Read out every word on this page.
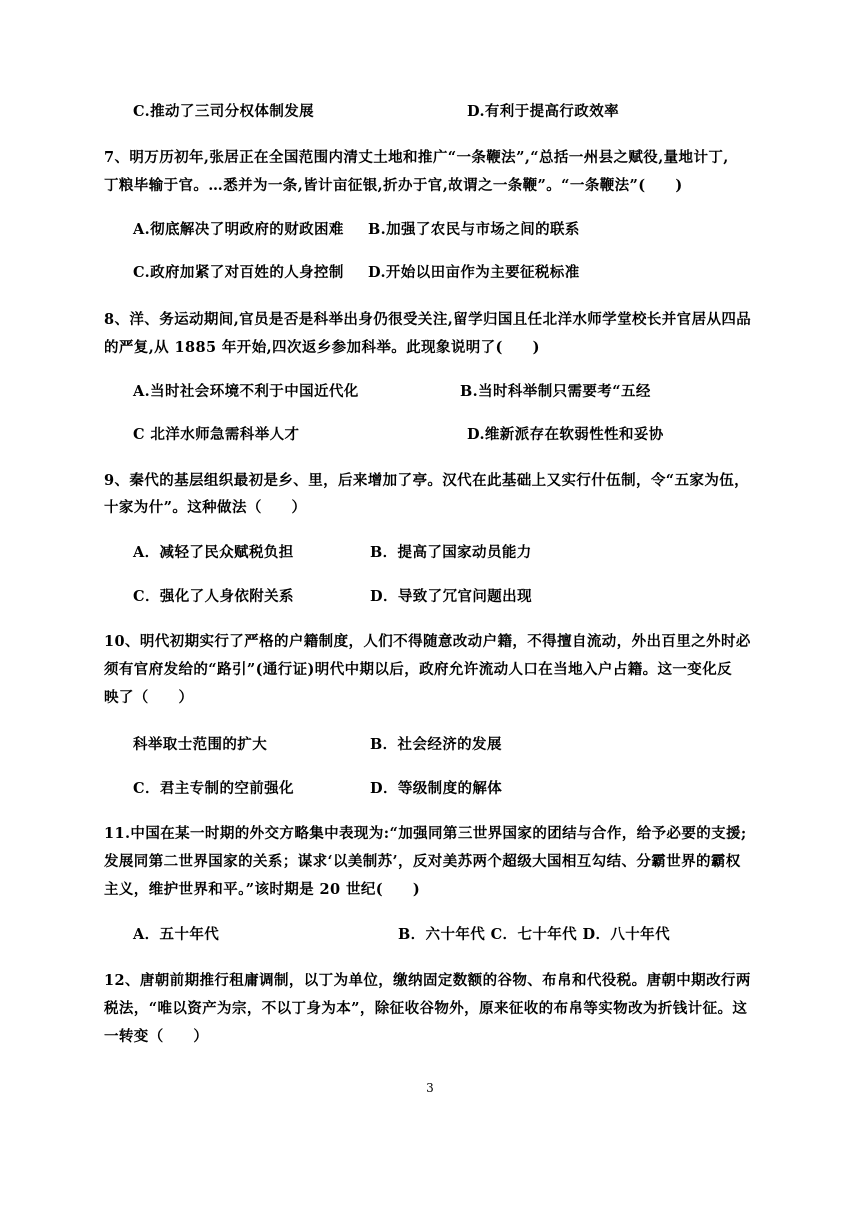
C.推动了三司分权体制发展	D.有利于提高行政效率
7、明万历初年,张居正在全国范围内清丈土地和推广“一条鞭法”,“总括一州县之赋役,量地计丁,
丁粮毕输于官。…悉并为一条,皆计亩征银,折办于官,故谓之一条鞭”。“一条鞭法”(　　)
A.彻底解决了明政府的财政困难 B.加强了农民与市场之间的联系
C.政府加紧了对百姓的人身控制 D.开始以田亩作为主要征税标准
8、洋、务运动期间,官员是否是科举出身仍很受关注,留学归国且任北洋水师学堂校长并官居从四品
的严复,从 1885 年开始,四次返乡参加科举。此现象说明了(　　)
A.当时社会环境不利于中国近代化	B.当时科举制只需要考“五经
C 北洋水师急需科举人才	D.维新派存在软弱性性和妥协
9、秦代的基层组织最初是乡、里，后来增加了亭。汉代在此基础上又实行什伍制，令“五家为伍，
十家为什”。这种做法（　　）
A．减轻了民众赋税负担	B．提高了国家动员能力
C．强化了人身依附关系	D．导致了冗官问题出现
10、明代初期实行了严格的户籍制度，人们不得随意改动户籍，不得擅自流动，外出百里之外时必
须有官府发给的“路引”(通行证)明代中期以后，政府允许流动人口在当地入户占籍。这一变化反
映了（　　）
科举取士范围的扩大	B．社会经济的发展
C．君主专制的空前强化	D．等级制度的解体
11.中国在某一时期的外交方略集中表现为:“加强同第三世界国家的团结与合作，给予必要的支援;
发展同第二世界国家的关系；谋求‘以美制苏’，反对美苏两个超级大国相互勾结、分霸世界的霸权
主义，维护世界和平。”该时期是 20 世纪(　　)
A．五十年代	B．六十年代 C．七十年代 D．八十年代
12、唐朝前期推行租庸调制，以丁为单位，缴纳固定数额的谷物、布帛和代役税。唐朝中期改行两
税法，“唯以资产为宗，不以丁身为本”，除征收谷物外，原来征收的布帛等实物改为折钱计征。这
一转变（　　）
3
